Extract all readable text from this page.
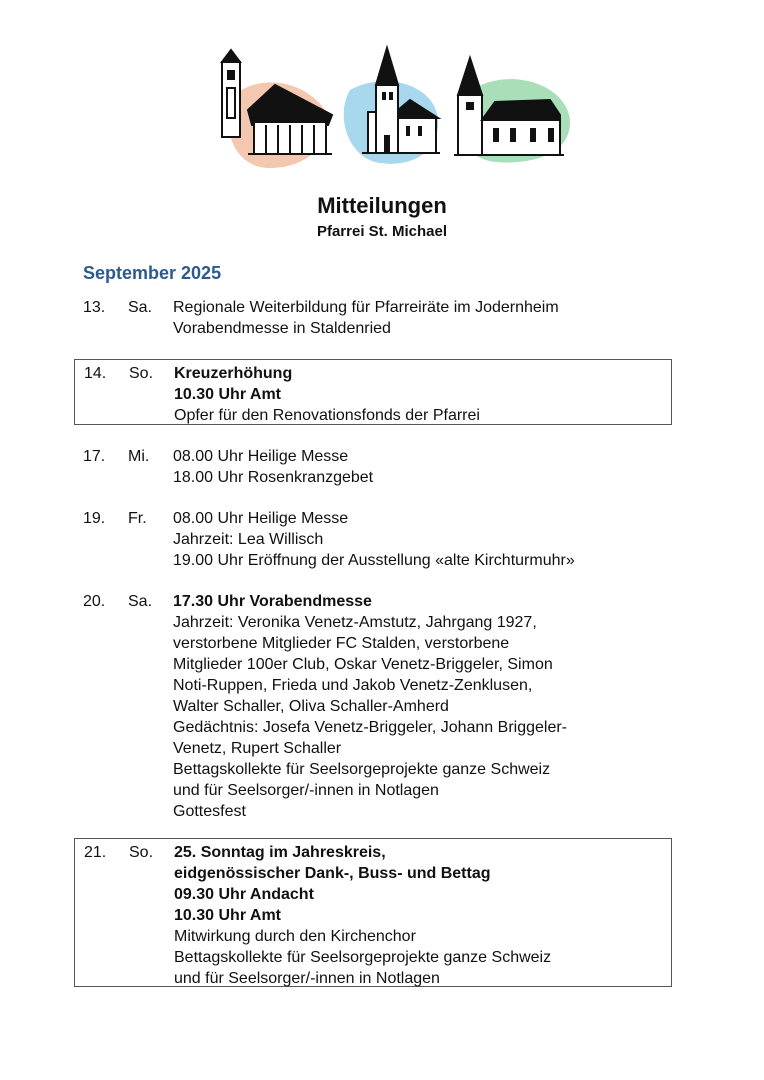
Mitteilungen
Pfarrei St. Michael
September 2025
13. Sa. Regionale Weiterbildung für Pfarreiräte im Jodernheim
Vorabendmesse in Staldenried
14. So. Kreuzerhöhung
10.30 Uhr Amt
Opfer für den Renovationsfonds der Pfarrei
17. Mi. 08.00 Uhr Heilige Messe
18.00 Uhr Rosenkranzgebet
19. Fr. 08.00 Uhr Heilige Messe
Jahrzeit: Lea Willisch
19.00 Uhr Eröffnung der Ausstellung «alte Kirchturmuhr»
20. Sa. 17.30 Uhr Vorabendmesse
Jahrzeit: Veronika Venetz-Amstutz, Jahrgang 1927,
verstorbene Mitglieder FC Stalden, verstorbene
Mitglieder 100er Club, Oskar Venetz-Briggeler, Simon
Noti-Ruppen, Frieda und Jakob Venetz-Zenklusen,
Walter Schaller, Oliva Schaller-Amherd
Gedächtnis: Josefa Venetz-Briggeler, Johann Briggeler-
Venetz, Rupert Schaller
Bettagskollekte für Seelsorgeprojekte ganze Schweiz
und für Seelsorger/-innen in Notlagen
Gottesfest
21. So. 25. Sonntag im Jahreskreis,
eidgenössischer Dank-, Buss- und Bettag
09.30 Uhr Andacht
10.30 Uhr Amt
Mitwirkung durch den Kirchenchor
Bettagskollekte für Seelsorgeprojekte ganze Schweiz
und für Seelsorger/-innen in Notlagen
